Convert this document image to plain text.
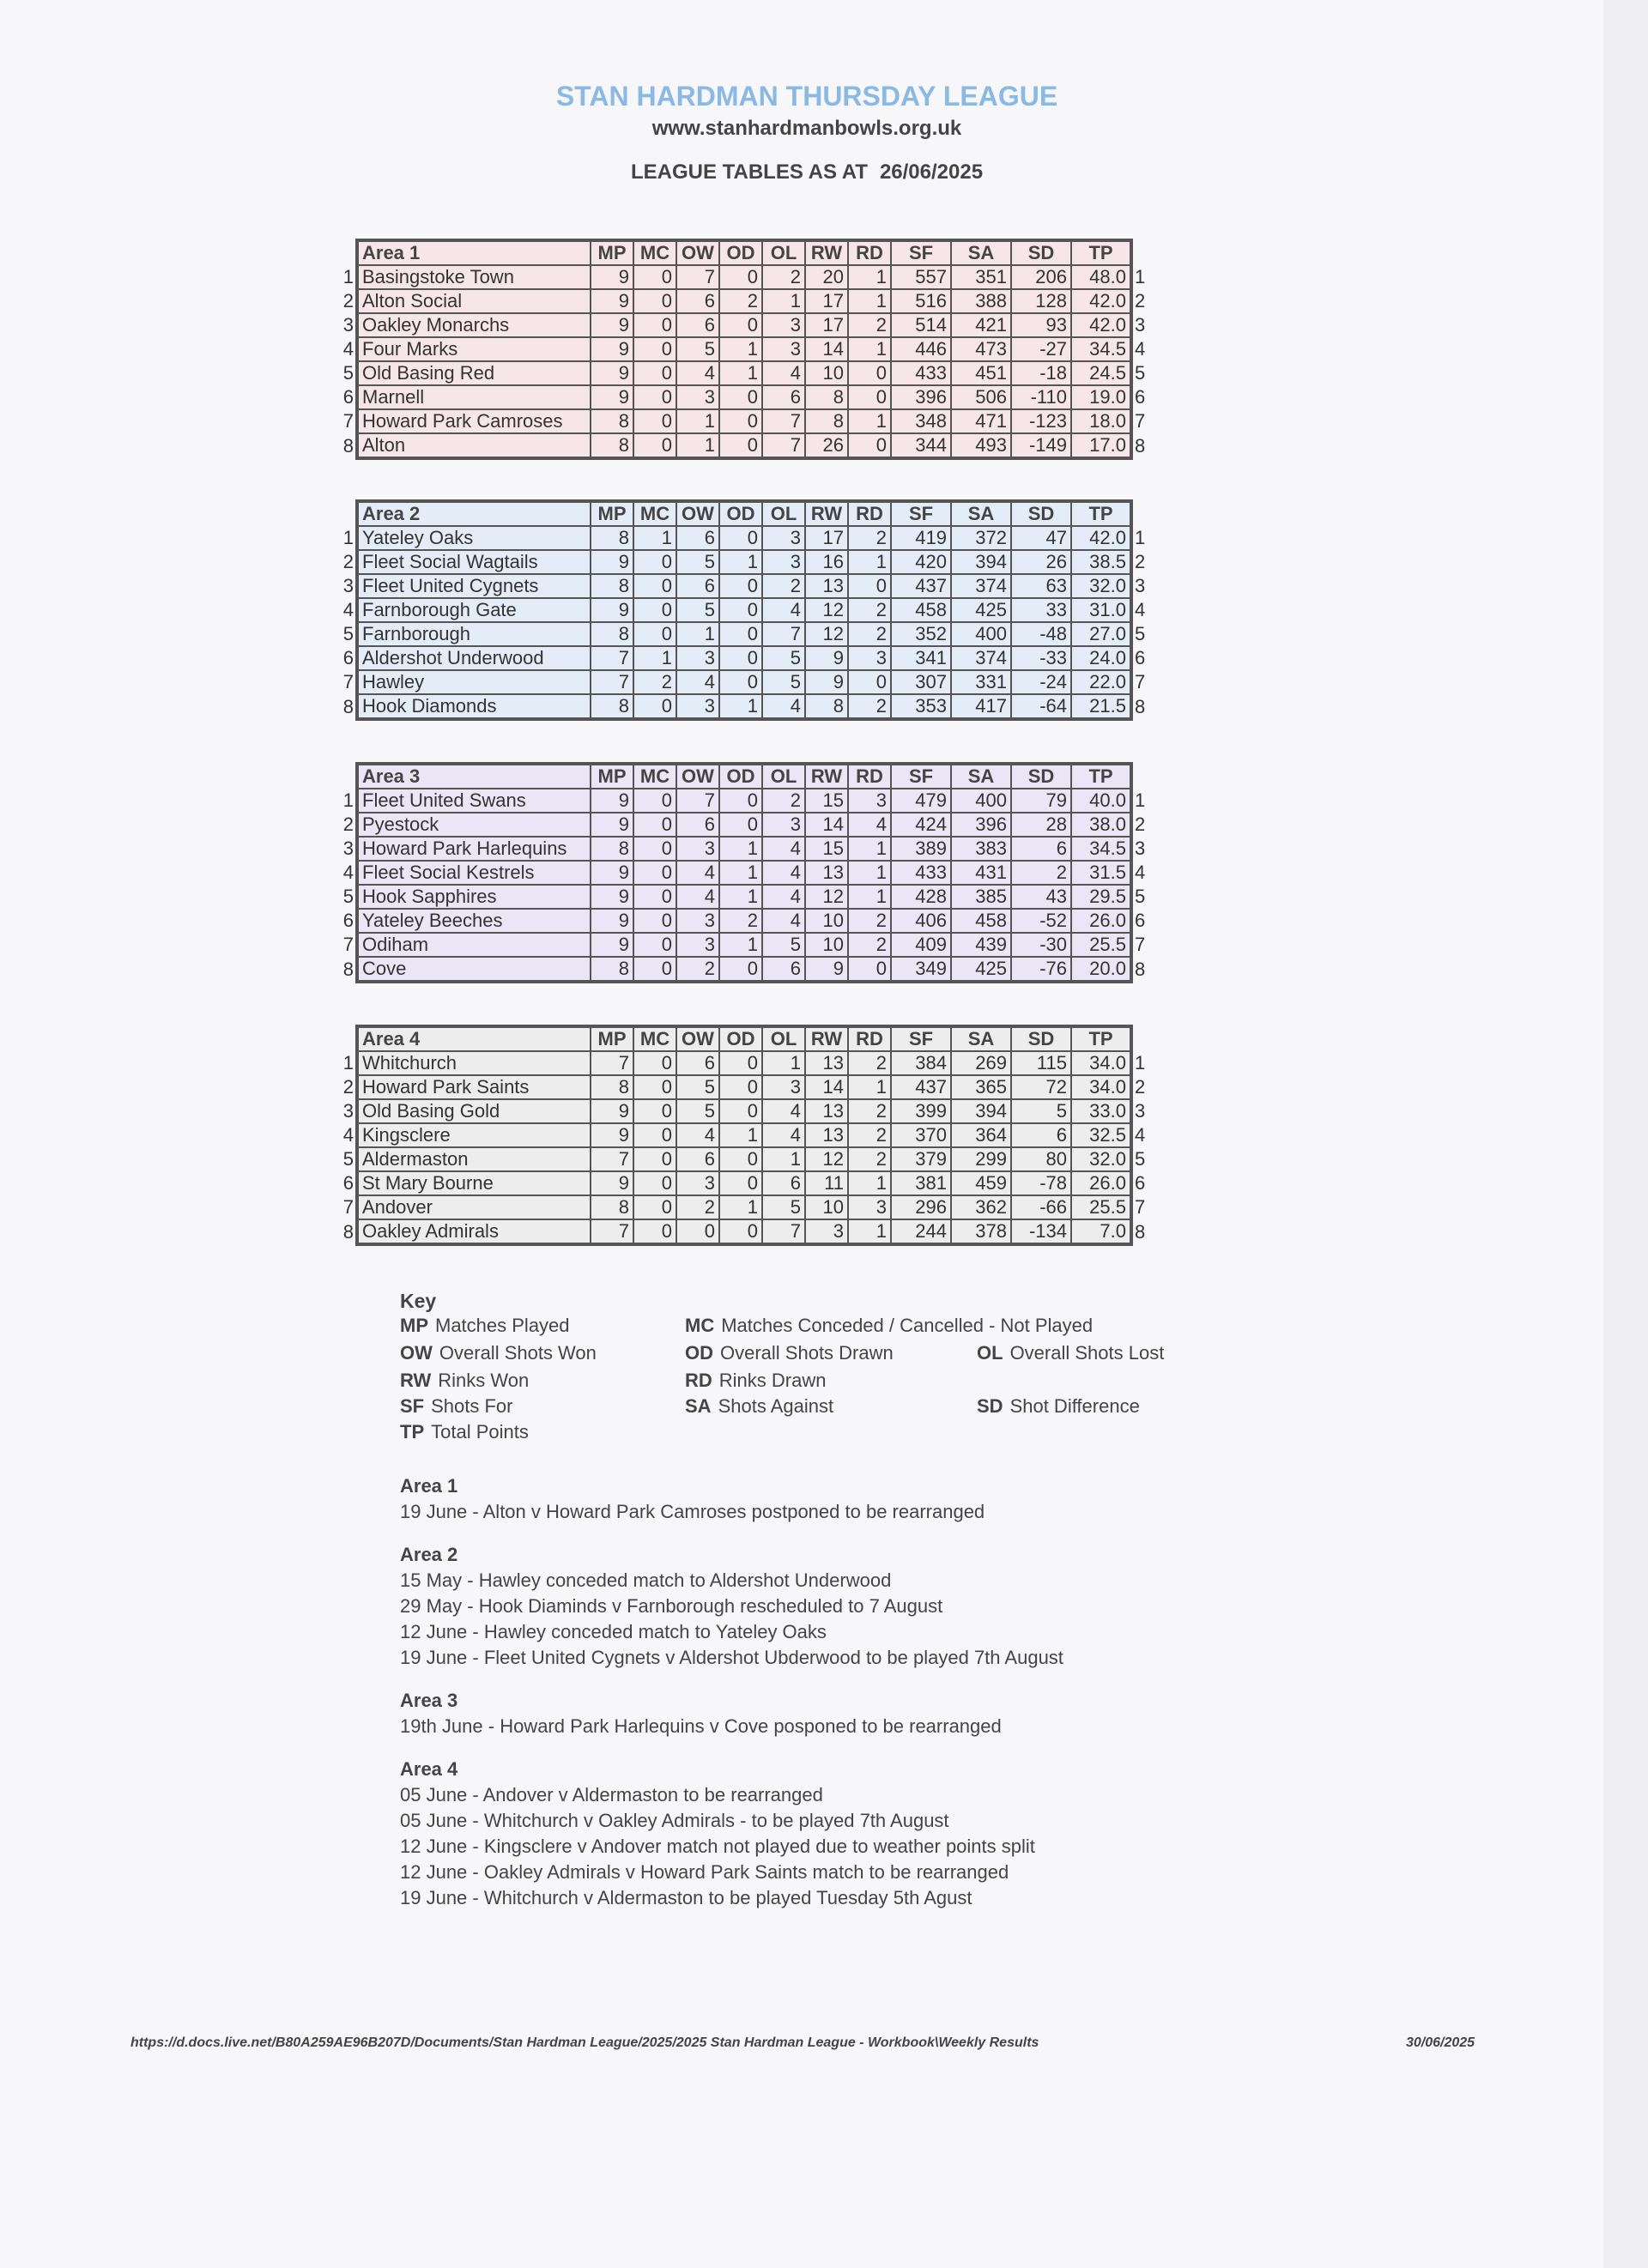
STAN HARDMAN THURSDAY LEAGUE
www.stanhardmanbowls.org.uk
LEAGUE TABLES AS AT 26/06/2025
	Area 1	MP	MC	OW	OD	OL	RW	RD	SF	SA	SD	TP	
1	Basingstoke Town	9	0	7	0	2	20	1	557	351	206	48.0	1
2	Alton Social	9	0	6	2	1	17	1	516	388	128	42.0	2
3	Oakley Monarchs	9	0	6	0	3	17	2	514	421	93	42.0	3
4	Four Marks	9	0	5	1	3	14	1	446	473	-27	34.5	4
5	Old Basing Red	9	0	4	1	4	10	0	433	451	-18	24.5	5
6	Marnell	9	0	3	0	6	8	0	396	506	-110	19.0	6
7	Howard Park Camroses	8	0	1	0	7	8	1	348	471	-123	18.0	7
8	Alton	8	0	1	0	7	26	0	344	493	-149	17.0	8
	Area 2	MP	MC	OW	OD	OL	RW	RD	SF	SA	SD	TP	
1	Yateley Oaks	8	1	6	0	3	17	2	419	372	47	42.0	1
2	Fleet Social Wagtails	9	0	5	1	3	16	1	420	394	26	38.5	2
3	Fleet United Cygnets	8	0	6	0	2	13	0	437	374	63	32.0	3
4	Farnborough Gate	9	0	5	0	4	12	2	458	425	33	31.0	4
5	Farnborough	8	0	1	0	7	12	2	352	400	-48	27.0	5
6	Aldershot Underwood	7	1	3	0	5	9	3	341	374	-33	24.0	6
7	Hawley	7	2	4	0	5	9	0	307	331	-24	22.0	7
8	Hook Diamonds	8	0	3	1	4	8	2	353	417	-64	21.5	8
	Area 3	MP	MC	OW	OD	OL	RW	RD	SF	SA	SD	TP	
1	Fleet United Swans	9	0	7	0	2	15	3	479	400	79	40.0	1
2	Pyestock	9	0	6	0	3	14	4	424	396	28	38.0	2
3	Howard Park Harlequins	8	0	3	1	4	15	1	389	383	6	34.5	3
4	Fleet Social Kestrels	9	0	4	1	4	13	1	433	431	2	31.5	4
5	Hook Sapphires	9	0	4	1	4	12	1	428	385	43	29.5	5
6	Yateley Beeches	9	0	3	2	4	10	2	406	458	-52	26.0	6
7	Odiham	9	0	3	1	5	10	2	409	439	-30	25.5	7
8	Cove	8	0	2	0	6	9	0	349	425	-76	20.0	8
	Area 4	MP	MC	OW	OD	OL	RW	RD	SF	SA	SD	TP	
1	Whitchurch	7	0	6	0	1	13	2	384	269	115	34.0	1
2	Howard Park Saints	8	0	5	0	3	14	1	437	365	72	34.0	2
3	Old Basing Gold	9	0	5	0	4	13	2	399	394	5	33.0	3
4	Kingsclere	9	0	4	1	4	13	2	370	364	6	32.5	4
5	Aldermaston	7	0	6	0	1	12	2	379	299	80	32.0	5
6	St Mary Bourne	9	0	3	0	6	11	1	381	459	-78	26.0	6
7	Andover	8	0	2	1	5	10	3	296	362	-66	25.5	7
8	Oakley Admirals	7	0	0	0	7	3	1	244	378	-134	7.0	8
Key
MP Matches Played	MC Matches Conceded / Cancelled - Not Played
OW Overall Shots Won	OD Overall Shots Drawn	OL Overall Shots Lost
RW Rinks Won	RD Rinks Drawn
SF Shots For	SA Shots Against	SD Shot Difference
TP Total Points
Area 1
19 June - Alton v Howard Park Camroses postponed to be rearranged
Area 2
15 May - Hawley conceded match to Aldershot Underwood
29 May - Hook Diaminds v Farnborough rescheduled to 7 August
12 June - Hawley conceded match to Yateley Oaks
19 June - Fleet United Cygnets v Aldershot Ubderwood to be played 7th August
Area 3
19th June - Howard Park Harlequins v Cove posponed to be rearranged
Area 4
05 June - Andover v Aldermaston to be rearranged
05 June - Whitchurch v Oakley Admirals - to be played 7th August
12 June - Kingsclere v Andover match not played due to weather points split
12 June - Oakley Admirals v Howard Park Saints match to be rearranged
19 June - Whitchurch v Aldermaston to be played Tuesday 5th Agust
https://d.docs.live.net/B80A259AE96B207D/Documents/Stan Hardman League/2025/2025 Stan Hardman League - Workbook\Weekly Results	30/06/2025
